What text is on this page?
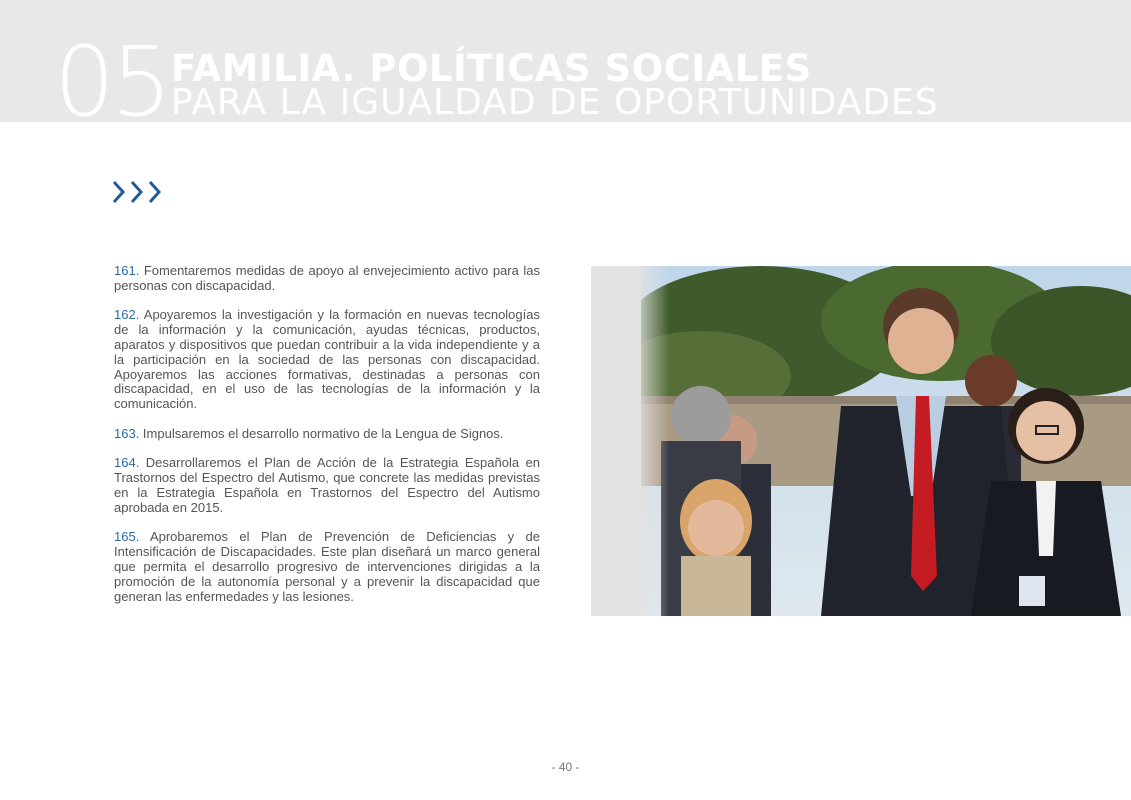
05 FAMILIA. POLÍTICAS SOCIALES
PARA LA IGUALDAD DE OPORTUNIDADES

161. Fomentaremos medidas de apoyo al envejecimiento activo para las personas con discapacidad.

162. Apoyaremos la investigación y la formación en nuevas tecnologías de la información y la comunicación, ayudas técnicas, productos, aparatos y dispositivos que puedan contribuir a la vida independiente y a la participación en la sociedad de las personas con discapacidad. Apoyaremos las acciones formativas, destinadas a personas con discapacidad, en el uso de las tecnologías de la información y la comunicación.

163. Impulsaremos el desarrollo normativo de la Lengua de Signos.

164. Desarrollaremos el Plan de Acción de la Estrategia Española en Trastornos del Espectro del Autismo, que concrete las medidas previstas en la Estrategia Española en Trastornos del Espectro del Autismo aprobada en 2015.

165. Aprobaremos el Plan de Prevención de Deficiencias y de Intensificación de Discapacidades. Este plan diseñará un marco general que permita el desarrollo progresivo de intervenciones dirigidas a la promoción de la autonomía personal y a prevenir la discapacidad que generan las enfermedades y las lesiones.

- 40 -
